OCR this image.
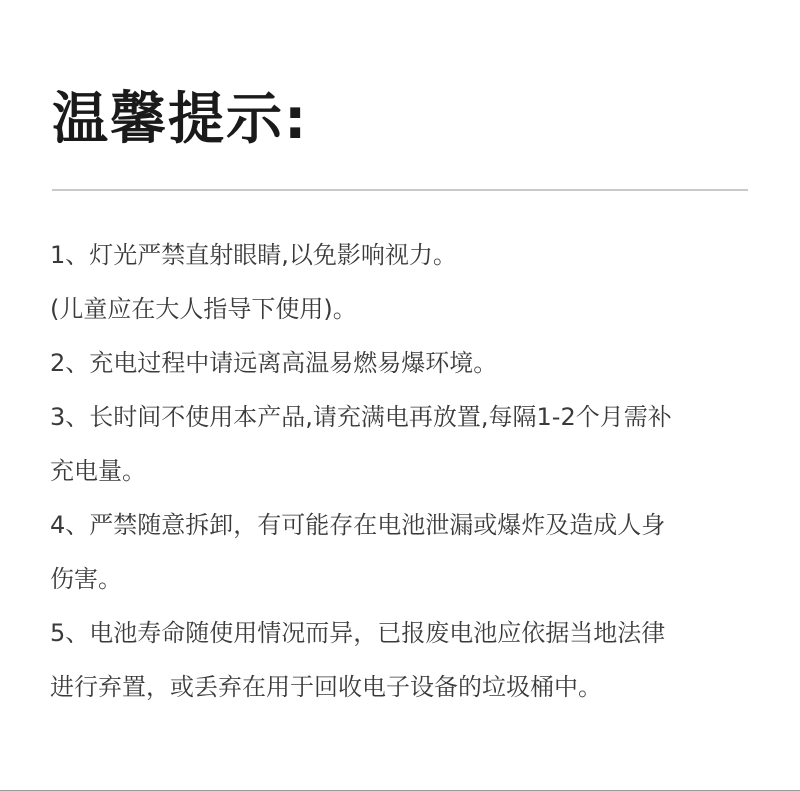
温馨提示:
1、灯光严禁直射眼睛,以免影响视力。
(儿童应在大人指导下使用)。
2、充电过程中请远离高温易燃易爆环境。
3、长时间不使用本产品,请充满电再放置,每隔1-2个月需补
充电量。
4、严禁随意拆卸，有可能存在电池泄漏或爆炸及造成人身
伤害。
5、电池寿命随使用情况而异，已报废电池应依据当地法律
进行弃置，或丢弃在用于回收电子设备的垃圾桶中。
